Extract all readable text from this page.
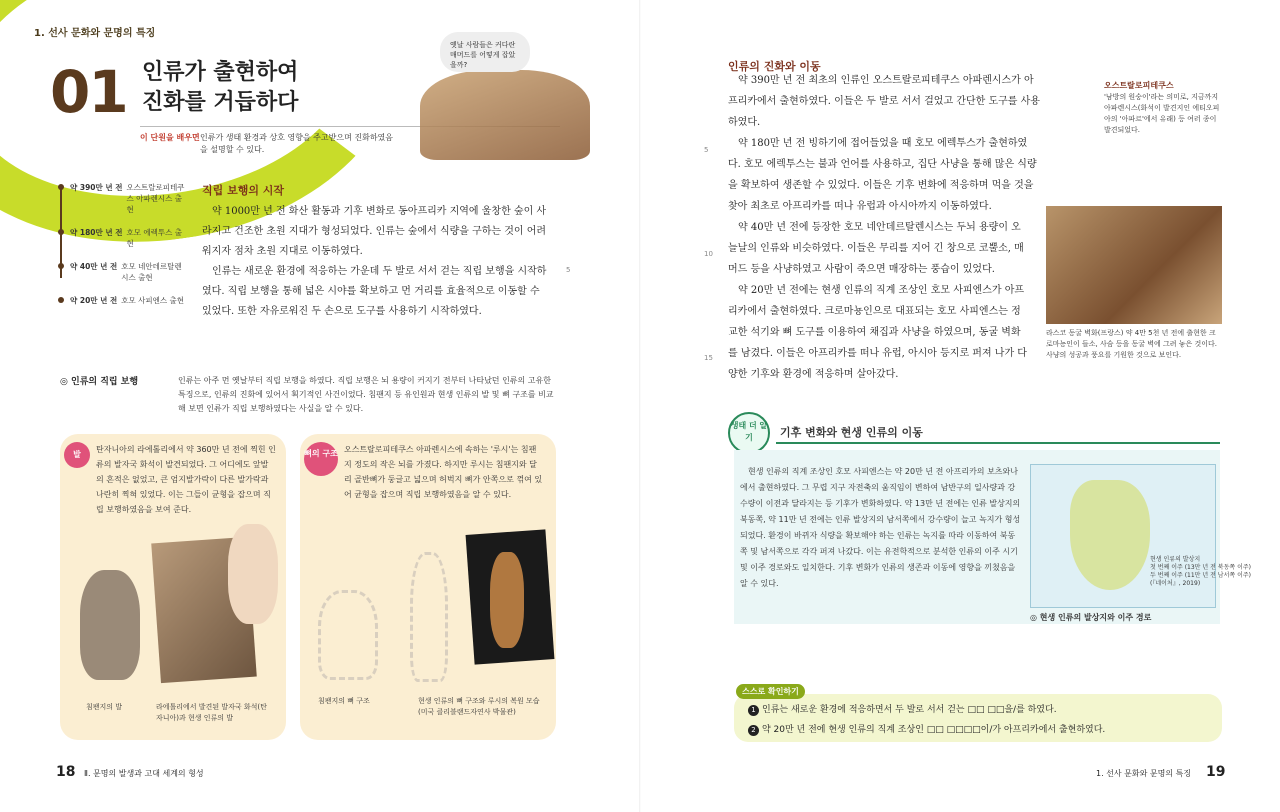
1. 선사 문화와 문명의 특징
01 인류가 출현하여
진화를 거듭하다
이 단원을 배우면 인류가 생태 환경과 상호 영향을 주고받으며 진화하였음을 설명할 수 있다.
옛날 사람들은 커다란 매머드를 어떻게 잡았을까?
약 390만 년 전 오스트랄로피테쿠스 아파렌시스 출현
약 180만 년 전 호모 에렉투스 출현
약 40만 년 전 호모 네안데르탈렌시스 출현
약 20만 년 전 호모 사피엔스 출현
직립 보행의 시작

약 1000만 년 전 화산 활동과 기후 변화로 동아프리카 지역에 울창한 숲이 사라지고 건조한 초원 지대가 형성되었다. 인류는 숲에서 식량을 구하는 것이 어려워지자 점차 초원 지대로 이동하였다.

인류는 새로운 환경에 적응하는 가운데 두 발로 서서 걷는 직립 보행을 시작하였다. 직립 보행을 통해 넓은 시야를 확보하고 먼 거리를 효율적으로 이동할 수 있었다. 또한 자유로워진 두 손으로 도구를 사용하기 시작하였다.

5
◎ 인류의 직립 보행	인류는 아주 먼 옛날부터 직립 보행을 하였다. 직립 보행은 뇌 용량이 커지기 전부터 나타났던 인류의 고유한 특징으로, 인류의 진화에 있어서 획기적인 사건이었다. 침팬지 등 유인원과 현생 인류의 발 및 뼈 구조를 비교해 보면 인류가 직립 보행하였다는 사실을 알 수 있다.
발
탄자니아의 라에톨리에서 약 360만 년 전에 찍힌 인류의 발자국 화석이 발견되었다. 그 어디에도 앞발의 흔적은 없었고, 큰 엄지발가락이 다른 발가락과 나란히 찍혀 있었다. 이는 그들이 균형을 잡으며 직립 보행하였음을 보여 준다.
침팬지의 발	라에톨리에서 발견된 발자국 화석(탄자니아)과 현생 인류의 발
뼈의 구조 오스트랄로피테쿠스 아파렌시스에 속하는 '루시'는 침팬지 정도의 작은 뇌를 가졌다. 하지만 루시는 침팬지와 달리 골반뼈가 둥글고 넓으며 허벅지 뼈가 안쪽으로 꺾여 있어 균형을 잡으며 직립 보행하였음을 알 수 있다.
침팬지의 뼈 구조	현생 인류의 뼈 구조와 루시의 복원 모습(미국 클리블랜드자연사 박물관)
18 Ⅱ. 문명의 발생과 고대 세계의 형성
인류의 진화와 이동

약 390만 년 전 최초의 인류인 오스트랄로피테쿠스 아파렌시스가 아프리카에서 출현하였다. 이들은 두 발로 서서 걸었고 간단한 도구를 사용하였다.

약 180만 년 전 빙하기에 접어들었을 때 호모 에렉투스가 출현하였다. 호모 에렉투스는 불과 언어를 사용하고, 집단 사냥을 통해 많은 식량을 확보하여 생존할 수 있었다. 이들은 기후 변화에 적응하며 먹을 것을 찾아 최초로 아프리카를 떠나 유럽과 아시아까지 이동하였다.

약 40만 년 전에 등장한 호모 네안데르탈렌시스는 두뇌 용량이 오늘날의 인류와 비슷하였다. 이들은 무리를 지어 긴 창으로 코뿔소, 매머드 등을 사냥하였고 사람이 죽으면 매장하는 풍습이 있었다.

약 20만 년 전에는 현생 인류의 직계 조상인 호모 사피엔스가 아프리카에서 출현하였다. 크로마뇽인으로 대표되는 호모 사피엔스는 정교한 석기와 뼈 도구를 이용하여 채집과 사냥을 하였으며, 동굴 벽화를 남겼다. 이들은 아프리카를 떠나 유럽, 아시아 등지로 퍼져 나가 다양한 기후와 환경에 적응하며 살아갔다.

5
10
15
오스트랄로피테쿠스
'남방의 원숭이'라는 의미로, 지금까지 아파렌시스(화석이 발견지인 에티오피아의 '아파르'에서 유래) 등 여러 종이 발견되었다.
라스코 동굴 벽화(프랑스) 약 4만 5천 년 전에 출현한 크로마뇽인이 들소, 사슴 등을 동굴 벽에 그려 놓은 것이다. 사냥의 성공과 풍요를 기원한 것으로 보인다.
생태 더 알기	기후 변화와 현생 인류의 이동
현생 인류의 직계 조상인 호모 사피엔스는 약 20만 년 전 아프리카의 보츠와나에서 출현하였다. 그 무렵 지구 자전축의 움직임이 변하여 남반구의 일사량과 강수량이 이전과 달라지는 등 기후가 변화하였다. 약 13만 년 전에는 인류 발상지의 북동쪽, 약 11만 년 전에는 인류 발상지의 남서쪽에서 강수량이 늘고 녹지가 형성되었다. 환경이 바뀌자 식량을 확보해야 하는 인류는 녹지를 따라 이동하여 북동쪽 및 남서쪽으로 각각 퍼져 나갔다. 이는 유전학적으로 분석한 인류의 이주 시기 및 이주 경로와도 일치한다. 기후 변화가 인류의 생존과 이동에 영향을 끼쳤음을 알 수 있다.
현생 인류의 발상지
첫 번째 이주 (13만 년 전 북동쪽 이주)
두 번째 이주 (11만 년 전 남서쪽 이주)
(『네이처』, 2019)
◎ 현생 인류의 발상지와 이주 경로
스스로 확인하기
1 인류는 새로운 환경에 적응하면서 두 발로 서서 걷는 □□ □□을/를 하였다.
2 약 20만 년 전에 현생 인류의 직계 조상인 □□ □□□□이/가 아프리카에서 출현하였다.
1. 선사 문화와 문명의 특징 19
